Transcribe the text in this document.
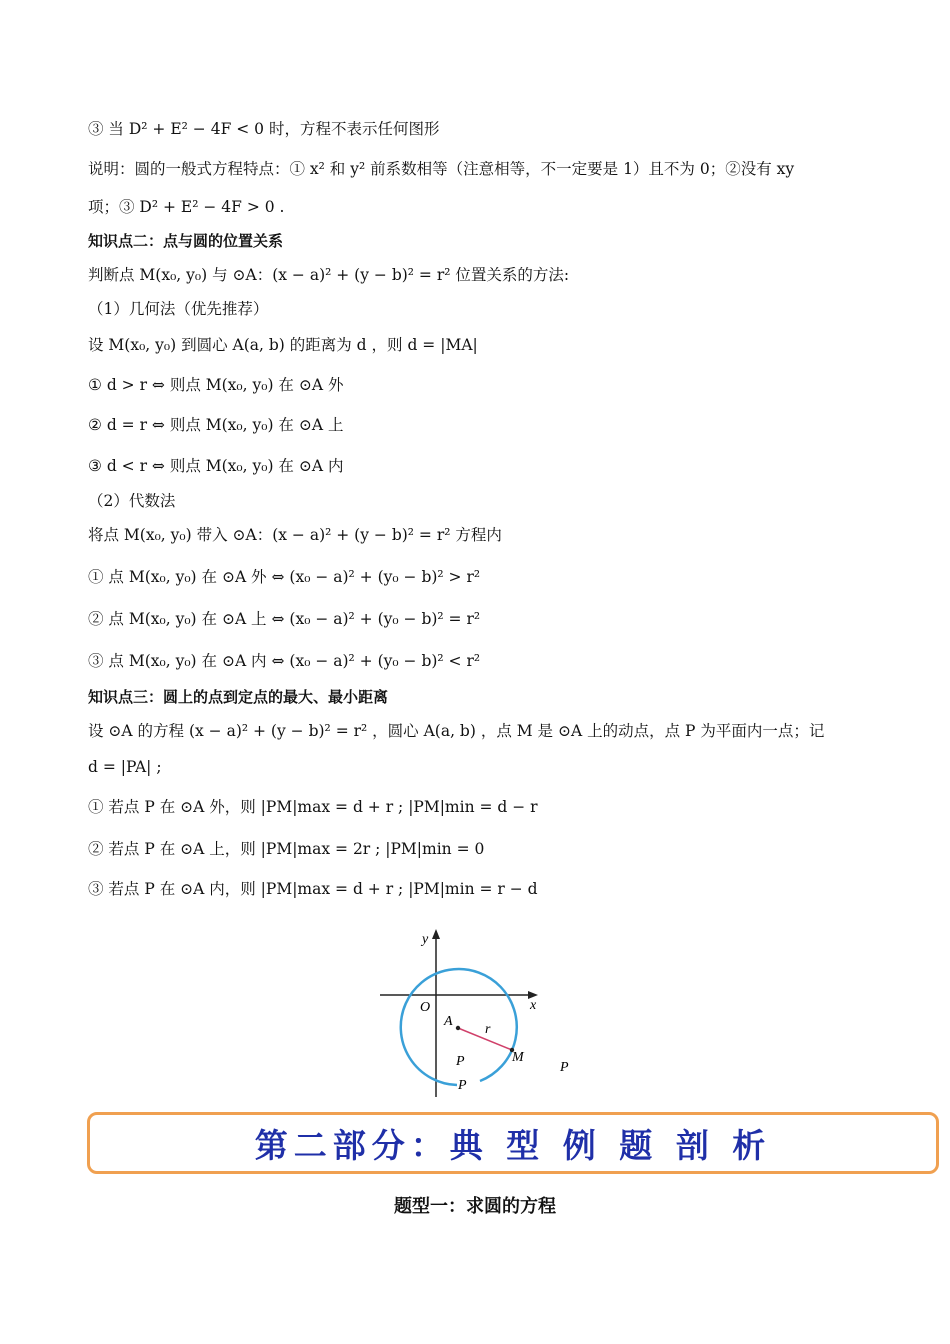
③ 当 D² + E² − 4F < 0 时，方程不表示任何图形
说明：圆的一般式方程特点：① x² 和 y² 前系数相等（注意相等，不一定要是 1）且不为 0；②没有 xy
项；③ D² + E² − 4F > 0 .
知识点二：点与圆的位置关系
判断点 M(x₀, y₀) 与 ⊙A：(x − a)² + (y − b)² = r² 位置关系的方法:
（1）几何法（优先推荐）
设 M(x₀, y₀) 到圆心 A(a, b) 的距离为 d ，则 d = |MA|
① d > r ⇔ 则点 M(x₀, y₀) 在 ⊙A 外
② d = r ⇔ 则点 M(x₀, y₀) 在 ⊙A 上
③ d < r ⇔ 则点 M(x₀, y₀) 在 ⊙A 内
（2）代数法
将点 M(x₀, y₀) 带入 ⊙A：(x − a)² + (y − b)² = r² 方程内
① 点 M(x₀, y₀) 在 ⊙A 外 ⇔ (x₀ − a)² + (y₀ − b)² > r²
② 点 M(x₀, y₀) 在 ⊙A 上 ⇔ (x₀ − a)² + (y₀ − b)² = r²
③ 点 M(x₀, y₀) 在 ⊙A 内 ⇔ (x₀ − a)² + (y₀ − b)² < r²
知识点三：圆上的点到定点的最大、最小距离
设 ⊙A 的方程 (x − a)² + (y − b)² = r² ，圆心 A(a, b) ，点 M 是 ⊙A 上的动点，点 P 为平面内一点；记
d = |PA| ;
① 若点 P 在 ⊙A 外，则 |PM|max = d + r ; |PM|min = d − r
② 若点 P 在 ⊙A 上，则 |PM|max = 2r ; |PM|min = 0
③ 若点 P 在 ⊙A 内，则 |PM|max = d + r ; |PM|min = r − d
y
x
O
A
r
M
P
P
P
第二部分：典 型 例 题 剖 析
题型一：求圆的方程
